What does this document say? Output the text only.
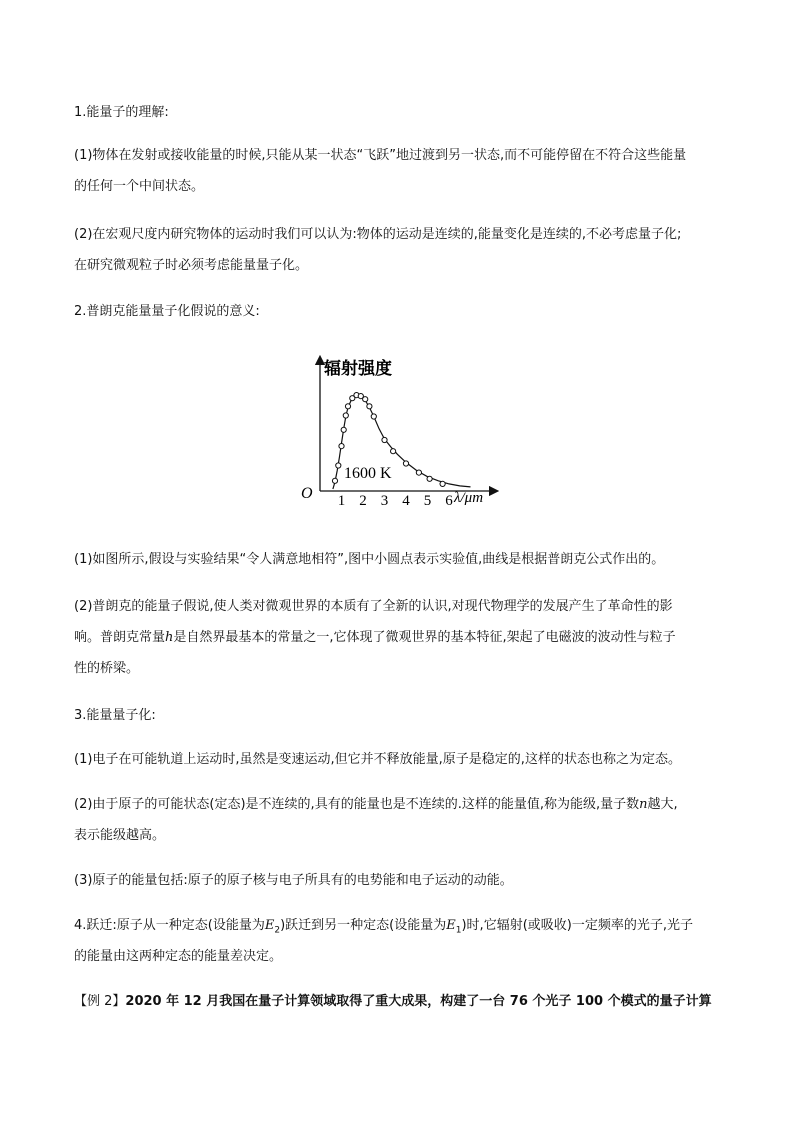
1.能量子的理解:
(1)物体在发射或接收能量的时候,只能从某一状态“飞跃”地过渡到另一状态,而不可能停留在不符合这些能量
的任何一个中间状态。
(2)在宏观尺度内研究物体的运动时我们可以认为:物体的运动是连续的,能量变化是连续的,不必考虑量子化;
在研究微观粒子时必须考虑能量量子化。
2.普朗克能量量子化假说的意义:
辐射强度
O
1600 K
λ/μm
1 2 3 4 5 6
(1)如图所示,假设与实验结果“令人满意地相符”,图中小圆点表示实验值,曲线是根据普朗克公式作出的。
(2)普朗克的能量子假说,使人类对微观世界的本质有了全新的认识,对现代物理学的发展产生了革命性的影
响。普朗克常量h是自然界最基本的常量之一,它体现了微观世界的基本特征,架起了电磁波的波动性与粒子
性的桥梁。
3.能量量子化:
(1)电子在可能轨道上运动时,虽然是变速运动,但它并不释放能量,原子是稳定的,这样的状态也称之为定态。
(2)由于原子的可能状态(定态)是不连续的,具有的能量也是不连续的.这样的能量值,称为能级,量子数n越大,
表示能级越高。
(3)原子的能量包括:原子的原子核与电子所具有的电势能和电子运动的动能。
4.跃迁:原子从一种定态(设能量为$E_2$)跃迁到另一种定态(设能量为$E_1$)时,它辐射(或吸收)一定频率的光子,光子
的能量由这两种定态的能量差决定。
【例 2】2020 年 12 月我国在量子计算领域取得了重大成果，构建了一台 76 个光子 100 个模式的量子计算
